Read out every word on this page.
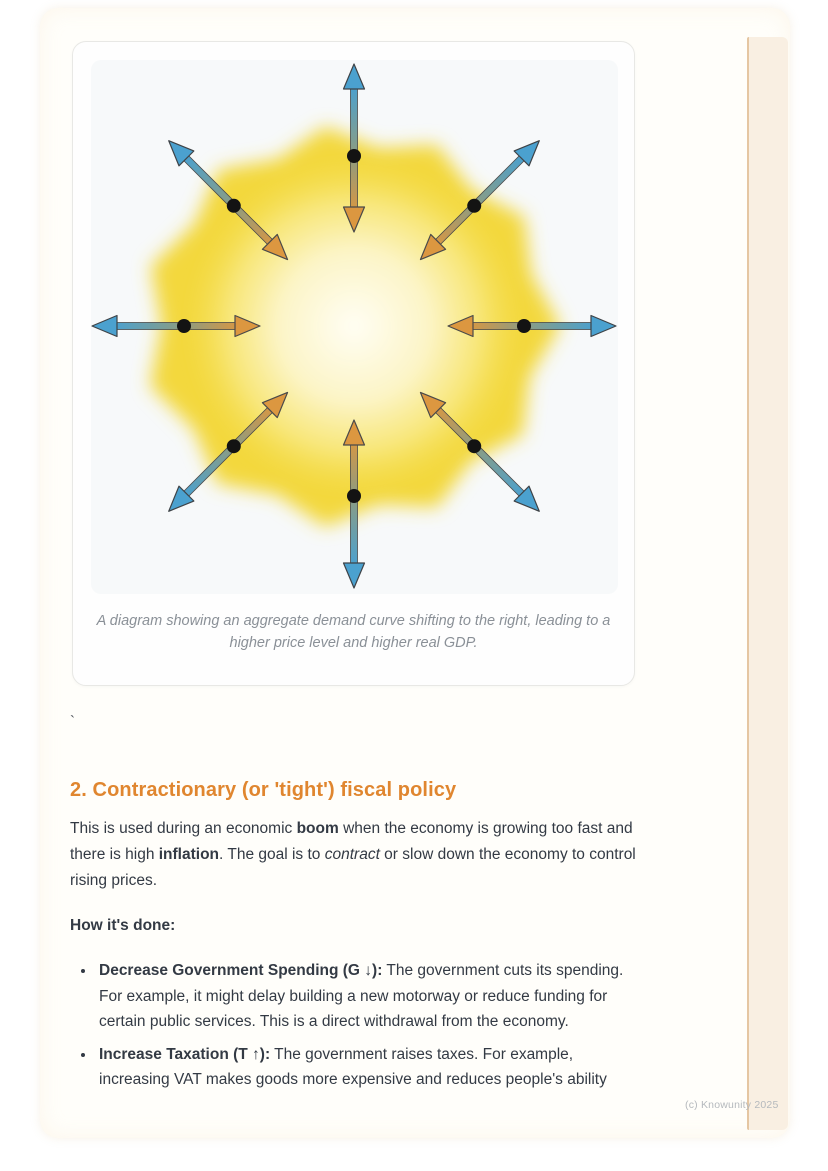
A diagram showing an aggregate demand curve shifting to the right, leading to a higher price level and higher real GDP.
`
2. Contractionary (or 'tight') fiscal policy

This is used during an economic boom when the economy is growing too fast and there is high inflation. The goal is to contract or slow down the economy to control rising prices.

How it's done:

• Decrease Government Spending (G ↓): The government cuts its spending. For example, it might delay building a new motorway or reduce funding for certain public services. This is a direct withdrawal from the economy.
• Increase Taxation (T ↑): The government raises taxes. For example, increasing VAT makes goods more expensive and reduces people's ability
(c) Knowunity 2025
